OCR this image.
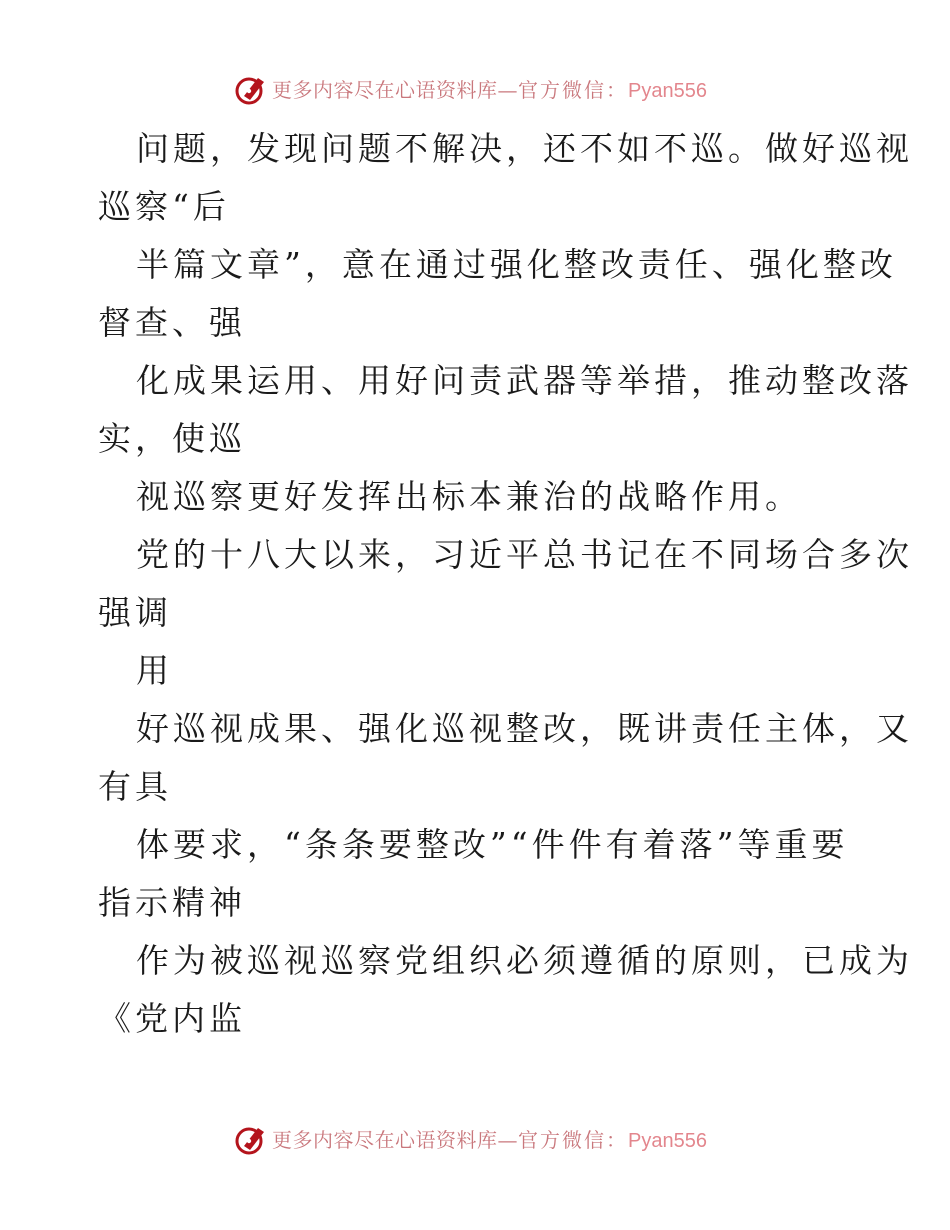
更多内容尽在心语资料库—官方微信：Pyan556
问题，发现问题不解决，还不如不巡。做好巡视
巡察“后
半篇文章”，意在通过强化整改责任、强化整改
督查、强
化成果运用、用好问责武器等举措，推动整改落
实，使巡
视巡察更好发挥出标本兼治的战略作用。
党的十八大以来，习近平总书记在不同场合多次
强调
用
好巡视成果、强化巡视整改，既讲责任主体，又
有具
体要求，“条条要整改”“件件有着落”等重要
指示精神
作为被巡视巡察党组织必须遵循的原则，已成为
《党内监
更多内容尽在心语资料库—官方微信：Pyan556
